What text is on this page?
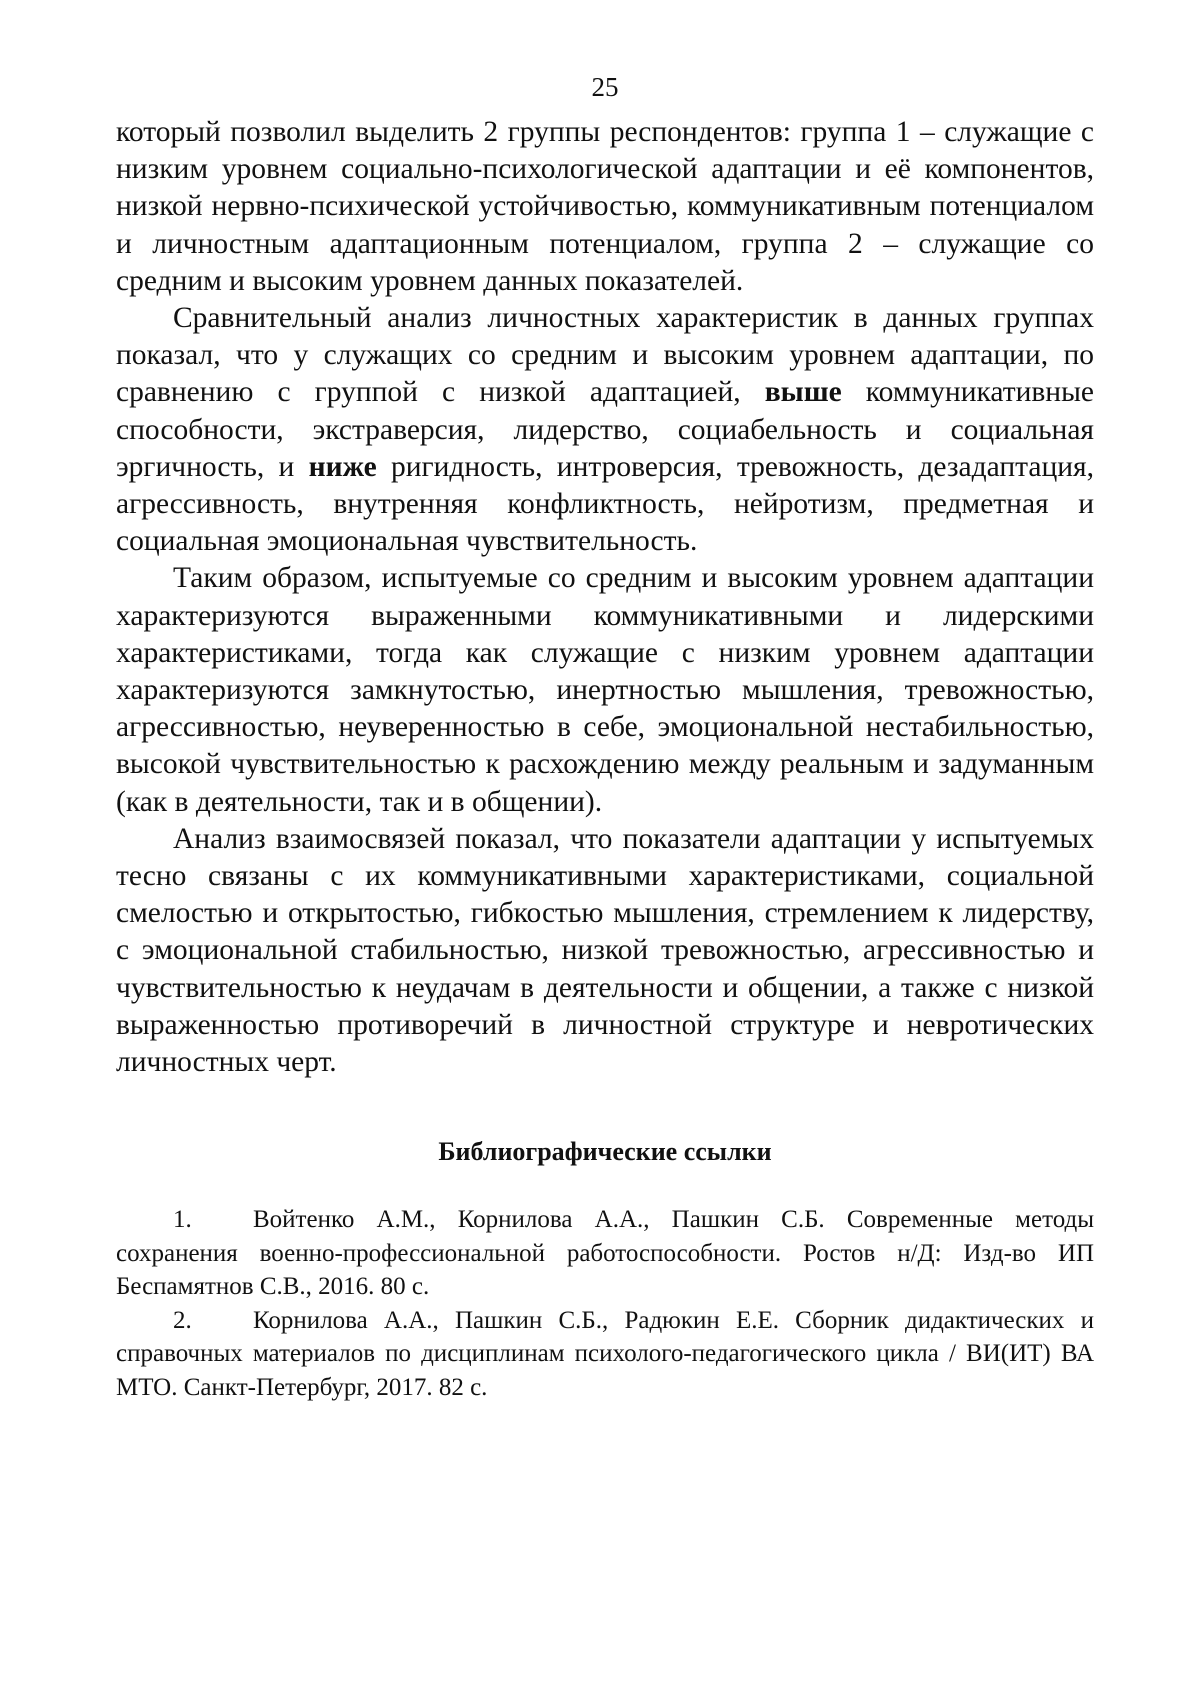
25

который позволил выделить 2 группы респондентов: группа 1 – служащие с низким уровнем социально-психологической адаптации и её компонентов, низкой нервно-психической устойчивостью, коммуникативным потенциалом и личностным адаптационным потенциалом, группа 2 – служащие со средним и высоким уровнем данных показателей.

Сравнительный анализ личностных характеристик в данных группах показал, что у служащих со средним и высоким уровнем адаптации, по сравнению с группой с низкой адаптацией, выше коммуникативные способности, экстраверсия, лидерство, социабельность и социальная эргичность, и ниже ригидность, интроверсия, тревожность, дезадаптация, агрессивность, внутренняя конфликтность, нейротизм, предметная и социальная эмоциональная чувствительность.

Таким образом, испытуемые со средним и высоким уровнем адаптации характеризуются выраженными коммуникативными и лидерскими характеристиками, тогда как служащие с низким уровнем адаптации характеризуются замкнутостью, инертностью мышления, тревожностью, агрессивностью, неуверенностью в себе, эмоциональной нестабильностью, высокой чувствительностью к расхождению между реальным и задуманным (как в деятельности, так и в общении).

Анализ взаимосвязей показал, что показатели адаптации у испытуемых тесно связаны с их коммуникативными характеристиками, социальной смелостью и открытостью, гибкостью мышления, стремлением к лидерству, с эмоциональной стабильностью, низкой тревожностью, агрессивностью и чувствительностью к неудачам в деятельности и общении, а также с низкой выраженностью противоречий в личностной структуре и невротических личностных черт.

Библиографические ссылки

1. Войтенко А.М., Корнилова А.А., Пашкин С.Б. Современные методы сохранения военно-профессиональной работоспособности. Ростов н/Д: Изд-во ИП Беспамятнов С.В., 2016. 80 с.

2. Корнилова А.А., Пашкин С.Б., Радюкин Е.Е. Сборник дидактических и справочных материалов по дисциплинам психолого-педагогического цикла / ВИ(ИТ) ВА МТО. Санкт-Петербург, 2017. 82 с.
